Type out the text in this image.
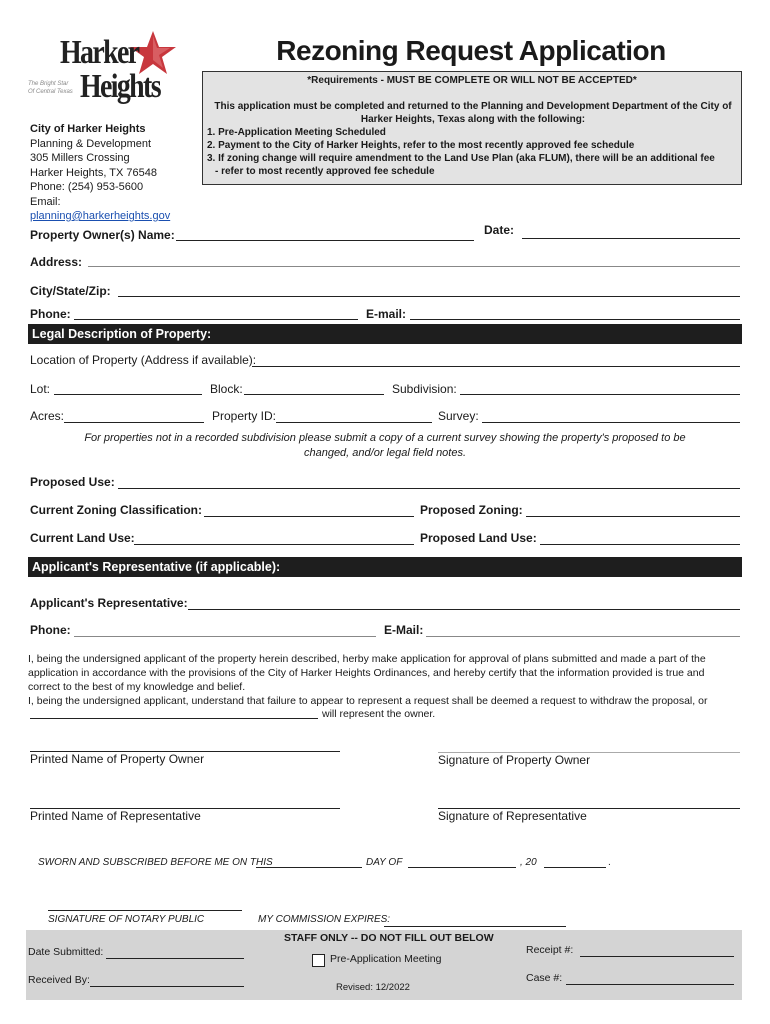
Harker
Heights
The Bright Star Of Central Texas
Rezoning Request Application
*Requirements - MUST BE COMPLETE OR WILL NOT BE ACCEPTED*
This application must be completed and returned to the Planning and Development Department of the City of Harker Heights, Texas along with the following:
1. Pre-Application Meeting Scheduled
2. Payment to the City of Harker Heights, refer to the most recently approved fee schedule
3. If zoning change will require amendment to the Land Use Plan (aka FLUM), there will be an additional fee
- refer to most recently approved fee schedule
City of Harker Heights
Planning & Development
305 Millers Crossing
Harker Heights, TX 76548
Phone: (254) 953-5600
Email:
planning@harkerheights.gov
Property Owner(s) Name:	Date:
Address:
City/State/Zip:
Phone:	E-mail:
Legal Description of Property:
Location of Property (Address if available):
Lot:	Block:	Subdivision:
Acres:	Property ID:	Survey:
For properties not in a recorded subdivision please submit a copy of a current survey showing the property's proposed to be
changed, and/or legal field notes.
Proposed Use:
Current Zoning Classification:	Proposed Zoning:
Current Land Use:	Proposed Land Use:
Applicant's Representative (if applicable):
Applicant's Representative:
Phone:	E-Mail:
I, being the undersigned applicant of the property herein described, herby make application for approval of plans submitted and made a part of the
application in accordance with the provisions of the City of Harker Heights Ordinances, and hereby certify that the information provided is true and
correct to the best of my knowledge and belief.
I, being the undersigned applicant, understand that failure to appear to represent a request shall be deemed a request to withdraw the proposal, or
will represent the owner.
Printed Name of Property Owner	Signature of Property Owner
Printed Name of Representative	Signature of Representative
SWORN AND SUBSCRIBED BEFORE ME ON THIS	DAY OF	, 20	.
SIGNATURE OF NOTARY PUBLIC	MY COMMISSION EXPIRES:
STAFF ONLY -- DO NOT FILL OUT BELOW
Date Submitted:
Received By:
Pre-Application Meeting
Revised: 12/2022
Receipt #:
Case #:
